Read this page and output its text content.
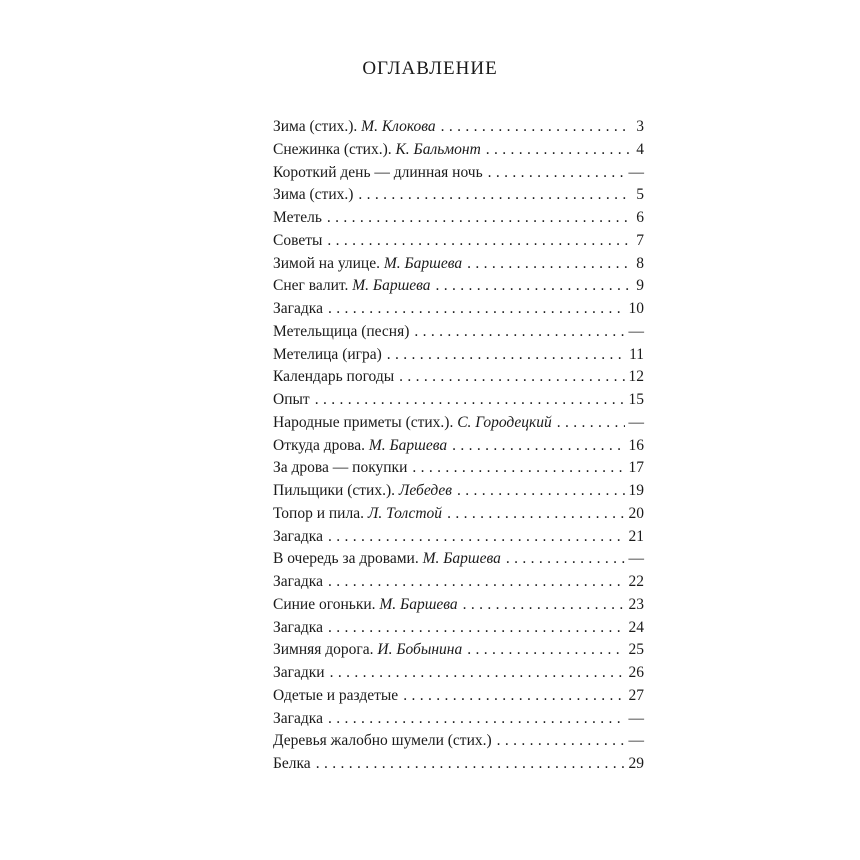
ОГЛАВЛЕНИЕ
Зима (стих.). М. Клокова . . .	3
Снежинка (стих.). К. Бальмонт . . .	4
Короткий день — длинная ночь . . .	—
Зима (стих.) . . .	5
Метель . . .	6
Советы . . .	7
Зимой на улице. М. Баршева . . .	8
Снег валит. М. Баршева . . .	9
Загадка . . .	10
Метельщица (песня) . . .	—
Метелица (игра) . . .	11
Календарь погоды . . .	12
Опыт . . .	15
Народные приметы (стих.). С. Городецкий . . .	—
Откуда дрова. М. Баршева . . .	16
За дрова — покупки . . .	17
Пильщики (стих.). Лебедев . . .	19
Топор и пила. Л. Толстой . . .	20
Загадка . . .	21
В очередь за дровами. М. Баршева . . .	—
Загадка . . .	22
Синие огоньки. М. Баршева . . .	23
Загадка . . .	24
Зимняя дорога. И. Бобынина . . .	25
Загадки . . .	26
Одетые и раздетые . . .	27
Загадка . . .	—
Деревья жалобно шумели (стих.) . . .	—
Белка . . .	29
